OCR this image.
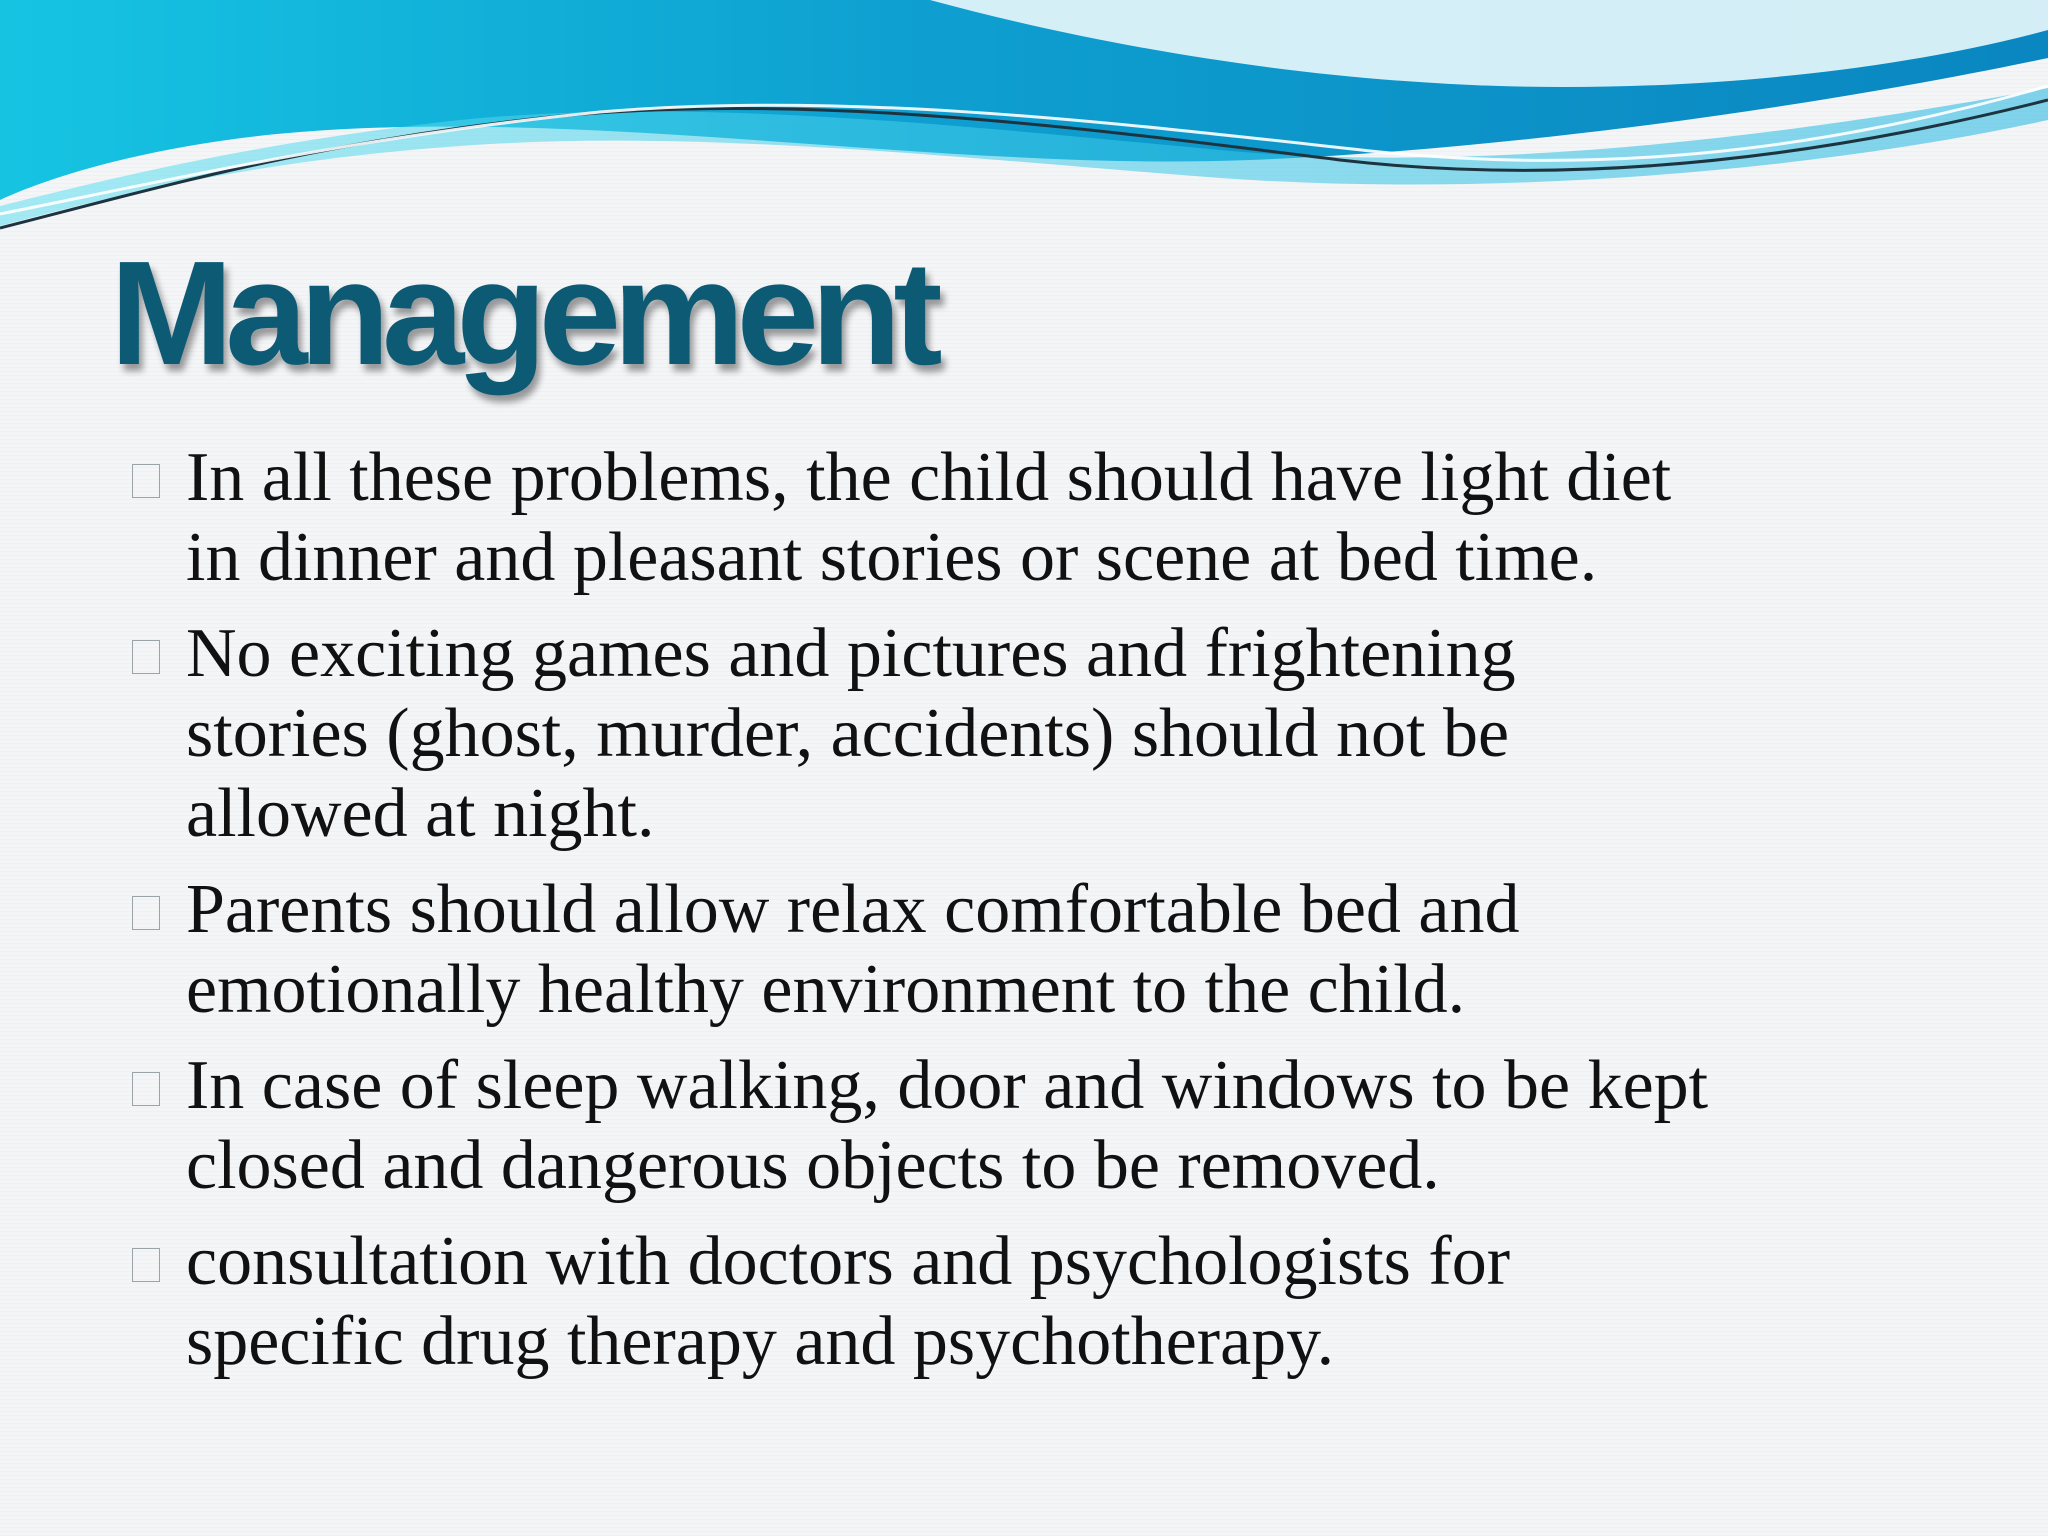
Management
In all these problems, the child should have light diet
in dinner and pleasant stories or scene at bed time.
No exciting games and pictures and frightening
stories (ghost, murder, accidents) should not be
allowed at night.
Parents should allow relax comfortable bed and
emotionally healthy environment to the child.
In case of sleep walking, door and windows to be kept
closed and dangerous objects to be removed.
consultation with doctors and psychologists for
specific drug therapy and psychotherapy.
